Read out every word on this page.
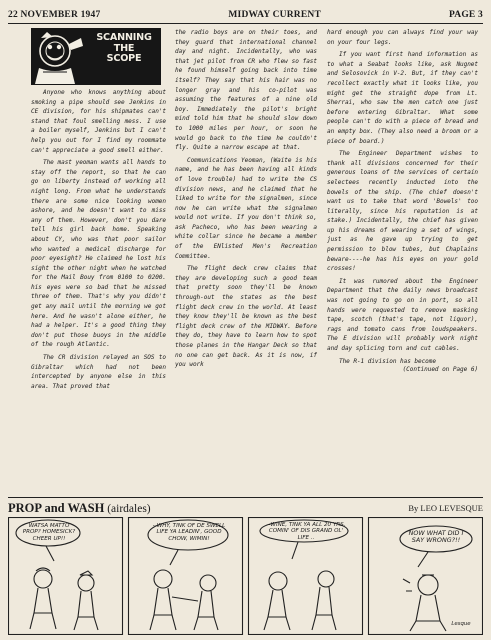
22 NOVEMBER 1947	MIDWAY CURRENT	PAGE 3
SCANNING
THE
SCOPE

Anyone who knows anything about smoking a pipe should see Jenkins in CE division, for his shipmates can't stand that foul smelling mess. I use a boiler myself, Jenkins but I can't help you out for I find my roommate can't appreciate a good smell either.

The mast yeoman wants all hands to stay off the report, so that he can go on liberty instead of working all night long. From what he understands there are some nice looking women ashore, and he doesn't want to miss any of them. However, don't you dare tell his girl back home. Speaking about CY, who was that poor sailor who wanted a medical discharge for poor eyesight? He claimed he lost his sight the other night when he watched for the Mail Bouy from 0100 to 0200. his eyes were so bad that he missed three of them. That's why you didn't get any mail until the morning we got here. And he wasn't alone either, he had a helper. It's a good thing they don't put those buoys in the middle of the rough Atlantic.

The CR division relayed an SOS to Gibraltar which had not been intercepted by anyone else in this area. That proved that

the radio boys are on their toes, and they guard that international channel day and night. Incidentally, who was that jet pilot from CR who flew so fast he found himself going back into time itself? They say that his hair was no longer gray and his co-pilot was assuming the features of a nine old boy. Immediately the pilot's bright mind told him that he should slow down to 1000 miles per hour, or soon he would go back to the time he couldn't fly. Quite a narrow escape at that.

Communications Yeoman, (Waite is his name, and he has been having all kinds of love trouble) had to write the CS division news, and he claimed that he liked to write for the signalmen, since now he can write what the signalmen would not write. If you don't think so, ask Pacheco, who has been wearing a white collar since he became a member of the ENlisted Men's Recreation Committee.

The flight deck crew claims that they are developing such a good team that pretty soon they'll be known through-out the states as the best flight deck crew in the world. At least they know they'll be known as the best flight deck crew of the MIDWAY. Before they do, they have to learn how to spot those planes in the Hangar Deck so that no one can get back. As it is now, if you work

hard enough you can always find your way on your four legs.

If you want first hand information as to what a Seabat looks like, ask Nugnet and Selosovick in V-2. But, if they can't recollect exactly what it looks like, you might get the straight dope from Lt. Sherrai, who saw the men catch one just before entering Gibraltar. What some people can't do with a piece of bread and an empty box. (They also need a broom or a piece of board.)

The Engineer Department wishes to thank all divisions concerned for their generous loans of the services of certain selectees recently inducted into the bowels of the ship. (The chief doesn't want us to take that word 'Bowels' too literally, since his reputation is at stake.) Incidentally, the chief has given up his dreams of wearing a set of wings, just as he gave up trying to get permission to blow tubes, but Chaplains beware----he has his eyes on your gold crosses!

It was rumored about the Engineer Department that the daily news broadcast was not going to go on in port, so all hands were requested to remove masking tape, scotch (that's tape, not liquor), rags and tomato cans from loudspeakers. The E division will probably work night and day splicing torn and cut cables.

The R-1 division has become

(Continued on Page 6)
PROP and WASH (airdales)	By LEO LEVESQUE
WATSA MATTO PROP? HOMESICK? CHEER UP!!
--WHY, TINK OF DE SWELL LIFE YA LEADIN', GOOD CHOW, WIMIN!
--WINE, TINK YA ALL 20 YRS. COMIN' OF DIS GRAND OL' LIFE ..
NOW WHAT DID I SAY WRONG?!!
Lesque
